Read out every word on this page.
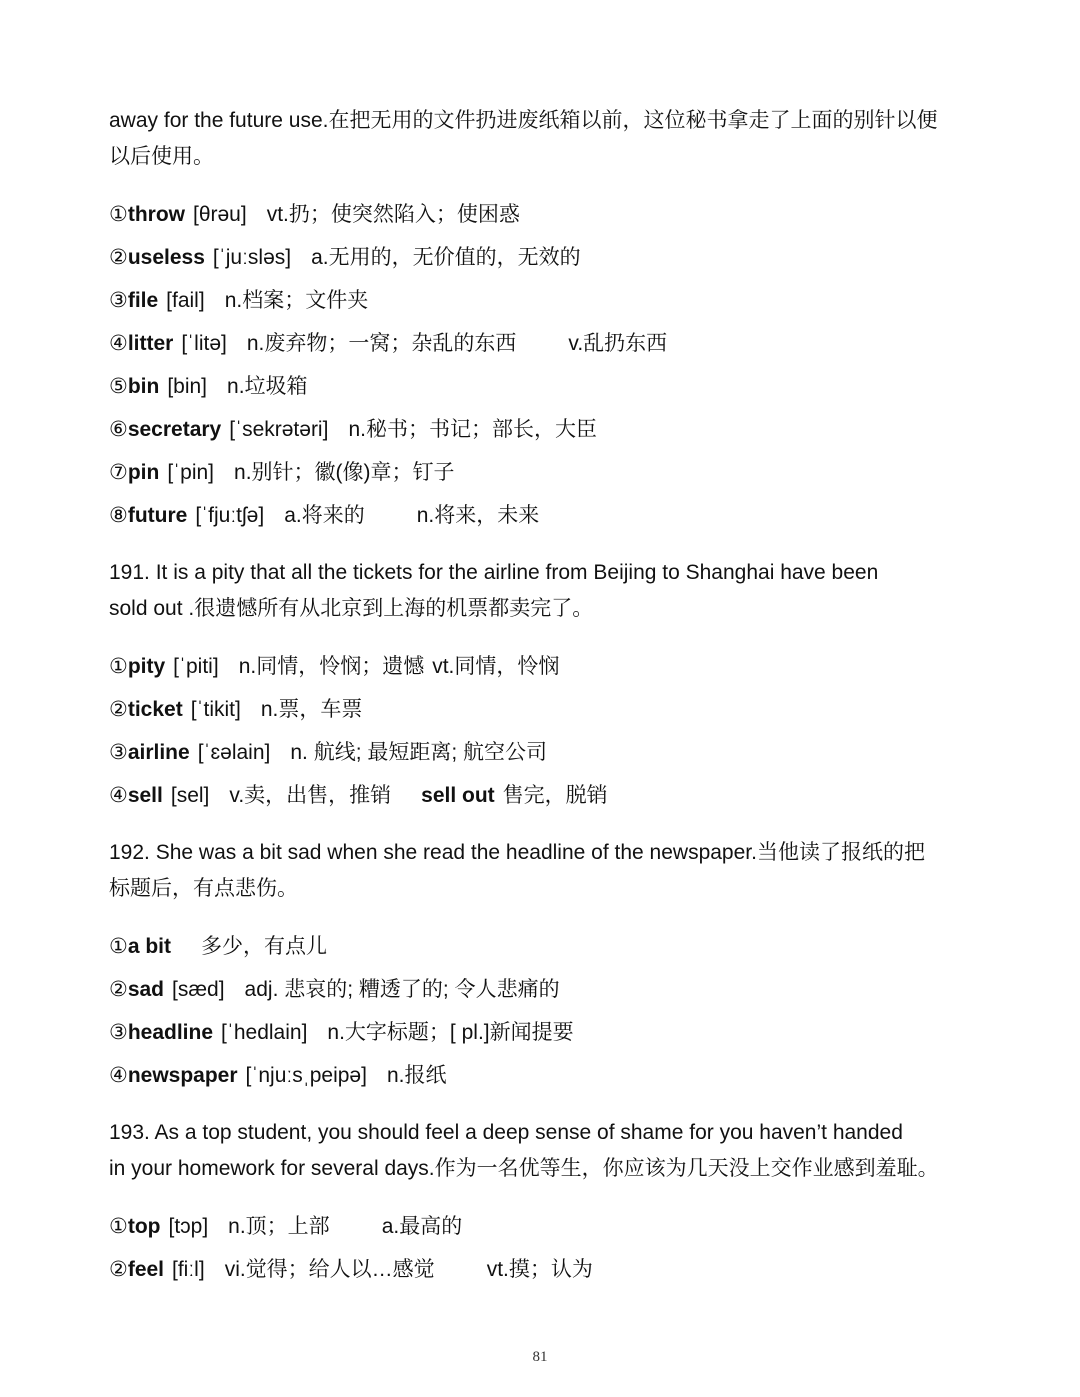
away for the future use.在把无用的文件扔进废纸箱以前，这位秘书拿走了上面的别针以便
以后使用。

①throw [θrəu] vt.扔；使突然陷入；使困惑
②useless [ˈjuːsləs] a.无用的，无价值的，无效的
③file [fail] n.档案；文件夹
④litter [ˈlitə] n.废弃物；一窝；杂乱的东西 v.乱扔东西
⑤bin [bin] n.垃圾箱
⑥secretary [ˈsekrətəri] n.秘书；书记；部长，大臣
⑦pin [ˈpin] n.别针；徽(像)章；钉子
⑧future [ˈfjuːtʃə] a.将来的 n.将来，未来

191. It is a pity that all the tickets for the airline from Beijing to Shanghai have been
sold out .很遗憾所有从北京到上海的机票都卖完了。

①pity [ˈpiti] n.同情，怜悯；遗憾 vt.同情，怜悯
②ticket [ˈtikit] n.票，车票
③airline [ˈɛəlain] n. 航线; 最短距离; 航空公司
④sell [sel] v.卖，出售，推销 sell out 售完，脱销

192. She was a bit sad when she read the headline of the newspaper.当他读了报纸的把
标题后，有点悲伤。

①a bit 多少，有点儿
②sad [sæd] adj. 悲哀的; 糟透了的; 令人悲痛的
③headline [ˈhedlain] n.大字标题；[ pl.]新闻提要
④newspaper [ˈnjuːsˌpeipə] n.报纸

193. As a top student, you should feel a deep sense of shame for you haven’t handed
in your homework for several days.作为一名优等生，你应该为几天没上交作业感到羞耻。

①top [tɔp] n.顶；上部 a.最高的
②feel [fiːl] vi.觉得；给人以…感觉 vt.摸；认为
81
